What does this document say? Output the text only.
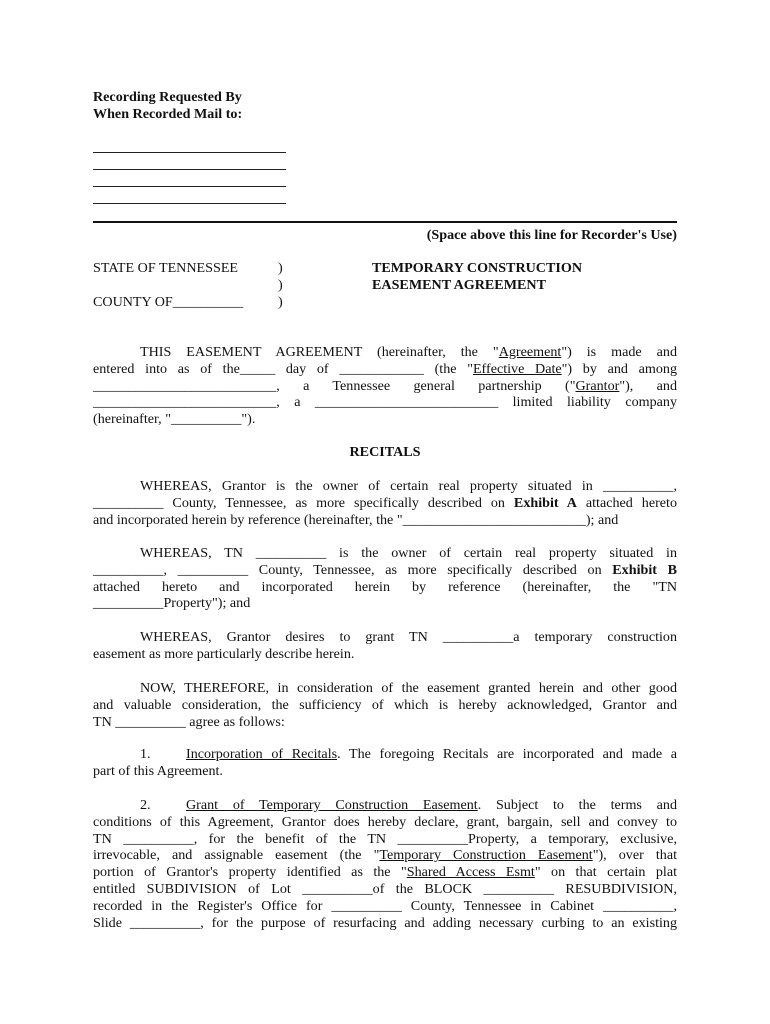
Recording Requested By
When Recorded Mail to:
(Space above this line for Recorder's Use)
STATE OF TENNESSEE
COUNTY OF__________
)
)
)
TEMPORARY CONSTRUCTION
EASEMENT AGREEMENT
THIS EASEMENT AGREEMENT (hereinafter, the "Agreement") is made and
entered into as of the_____ day of ____________ (the "Effective Date") by and among
__________________________, a Tennessee general partnership ("Grantor"), and
__________________________, a __________________________ limited liability company
(hereinafter, "__________").
RECITALS
WHEREAS, Grantor is the owner of certain real property situated in __________,
__________ County, Tennessee, as more specifically described on Exhibit A attached hereto
and incorporated herein by reference (hereinafter, the "__________________________); and
WHEREAS, TN __________ is the owner of certain real property situated in
__________, __________ County, Tennessee, as more specifically described on Exhibit B
attached hereto and incorporated herein by reference (hereinafter, the "TN
__________Property"); and
WHEREAS, Grantor desires to grant TN __________a temporary construction
easement as more particularly describe herein.
NOW, THEREFORE, in consideration of the easement granted herein and other good
and valuable consideration, the sufficiency of which is hereby acknowledged, Grantor and
TN __________ agree as follows:
1.	Incorporation of Recitals. The foregoing Recitals are incorporated and made a
part of this Agreement.
2.	Grant of Temporary Construction Easement. Subject to the terms and
conditions of this Agreement, Grantor does hereby declare, grant, bargain, sell and convey to
TN __________, for the benefit of the TN __________Property, a temporary, exclusive,
irrevocable, and assignable easement (the "Temporary Construction Easement"), over that
portion of Grantor's property identified as the "Shared Access Esmt" on that certain plat
entitled SUBDIVISION of Lot __________of the BLOCK __________ RESUBDIVISION,
recorded in the Register's Office for __________ County, Tennessee in Cabinet __________,
Slide __________, for the purpose of resurfacing and adding necessary curbing to an existing
